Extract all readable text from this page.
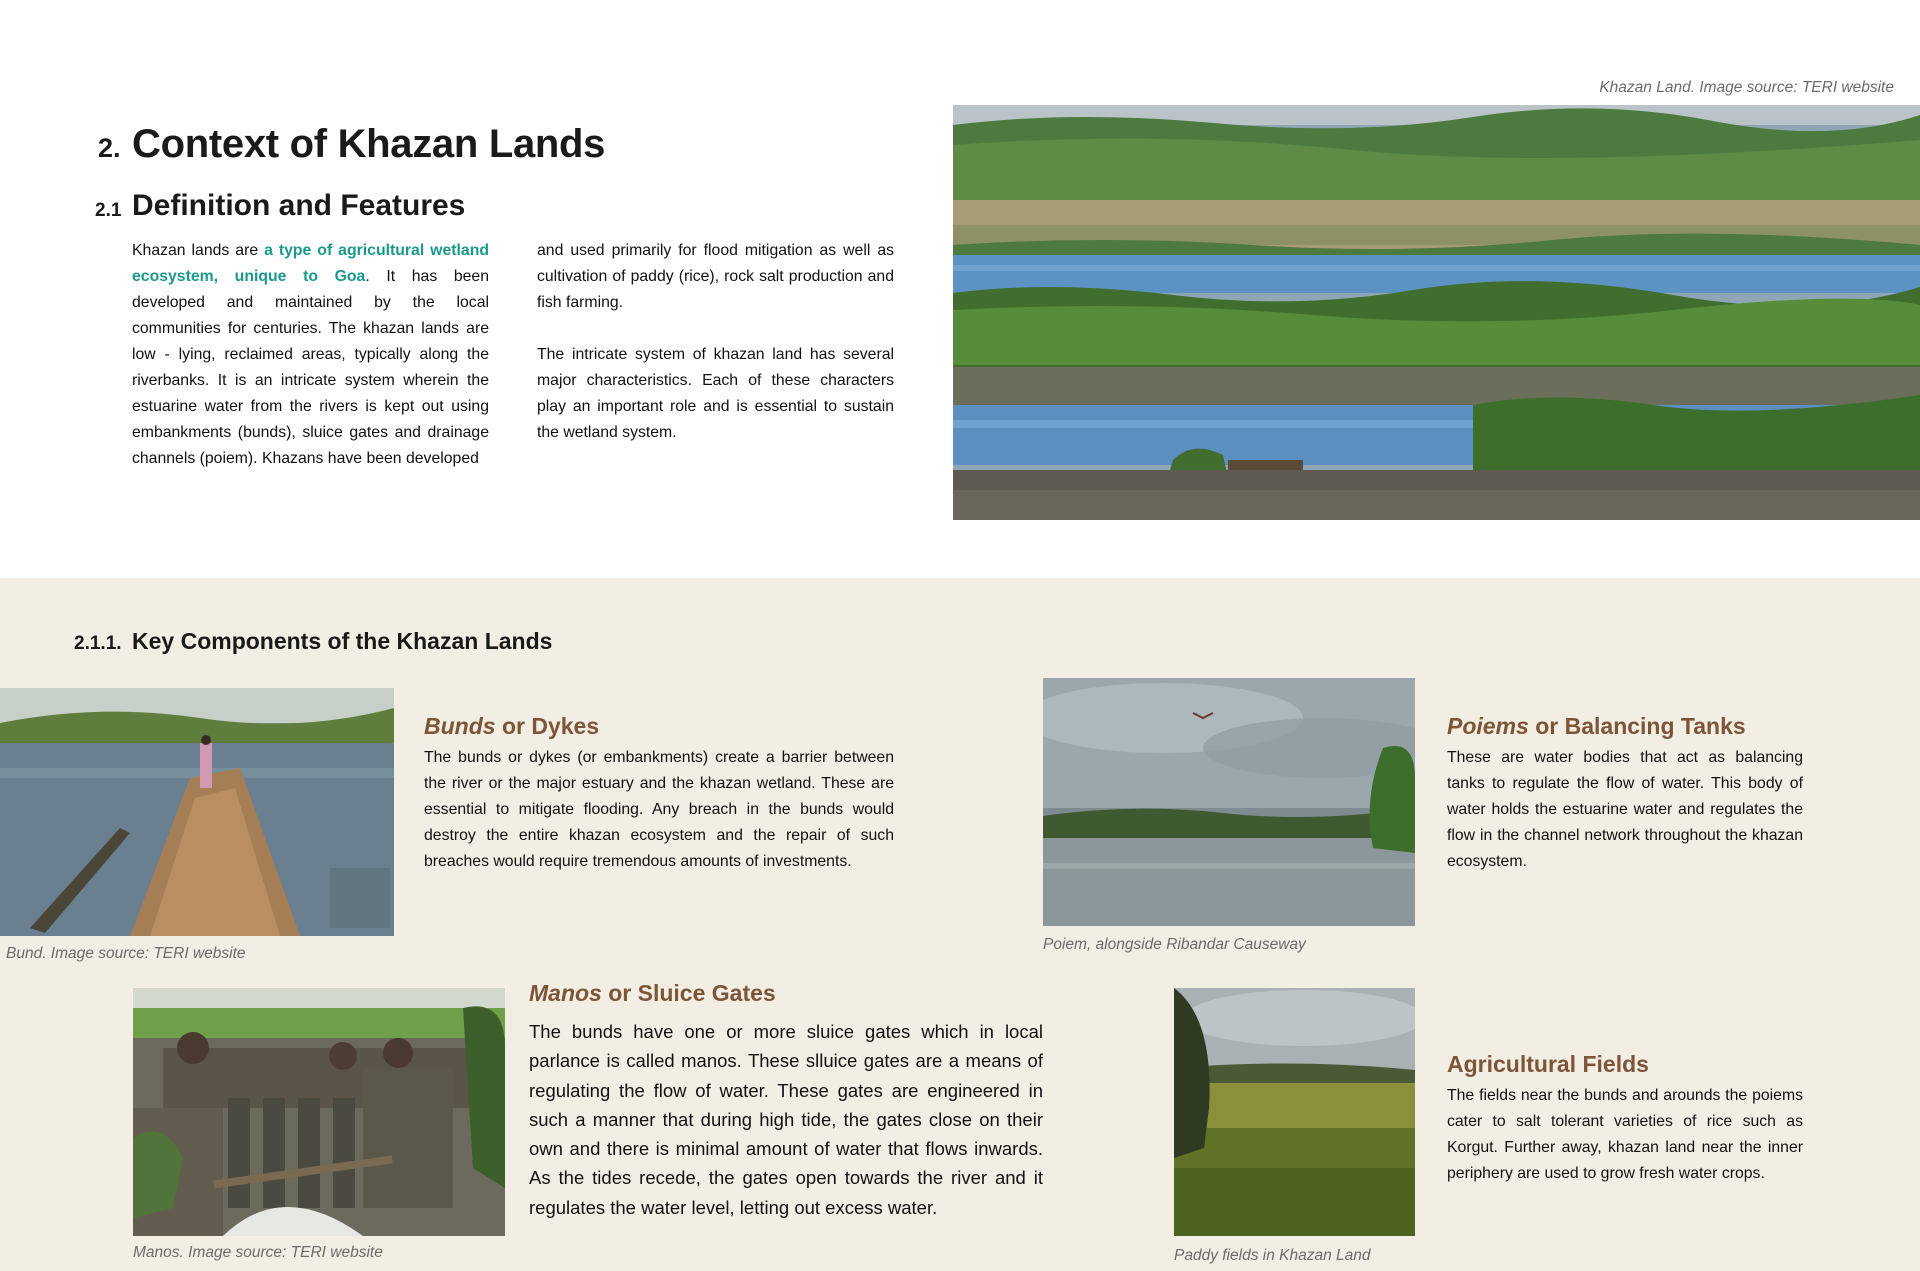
2. Context of Khazan Lands
2.1 Definition and Features
Khazan lands are a type of agricultural wetland ecosystem, unique to Goa. It has been developed and maintained by the local communities for centuries. The khazan lands are low - lying, reclaimed areas, typically along the riverbanks. It is an intricate system wherein the estuarine water from the rivers is kept out using embankments (bunds), sluice gates and drainage channels (poiem). Khazans have been developed

and used primarily for flood mitigation as well as cultivation of paddy (rice), rock salt production and fish farming.

The intricate system of khazan land has several major characteristics. Each of these characters play an important role and is essential to sustain the wetland system.

Khazan Land. Image source: TERI website
2.1.1. Key Components of the Khazan Lands
Bund. Image source: TERI website
Bunds or Dykes
The bunds or dykes (or embankments) create a barrier between the river or the major estuary and the khazan wetland. These are essential to mitigate flooding. Any breach in the bunds would destroy the entire khazan ecosystem and the repair of such breaches would require tremendous amounts of investments.
Poiem, alongside Ribandar Causeway
Poiems or Balancing Tanks
These are water bodies that act as balancing tanks to regulate the flow of water. This body of water holds the estuarine water and regulates the flow in the channel network throughout the khazan ecosystem.
Manos. Image source: TERI website
Manos or Sluice Gates
The bunds have one or more sluice gates which in local parlance is called manos. These slluice gates are a means of regulating the flow of water. These gates are engineered in such a manner that during high tide, the gates close on their own and there is minimal amount of water that flows inwards. As the tides recede, the gates open towards the river and it regulates the water level, letting out excess water.
Paddy fields in Khazan Land
Agricultural Fields
The fields near the bunds and arounds the poiems cater to salt tolerant varieties of rice such as Korgut. Further away, khazan land near the inner periphery are used to grow fresh water crops.
